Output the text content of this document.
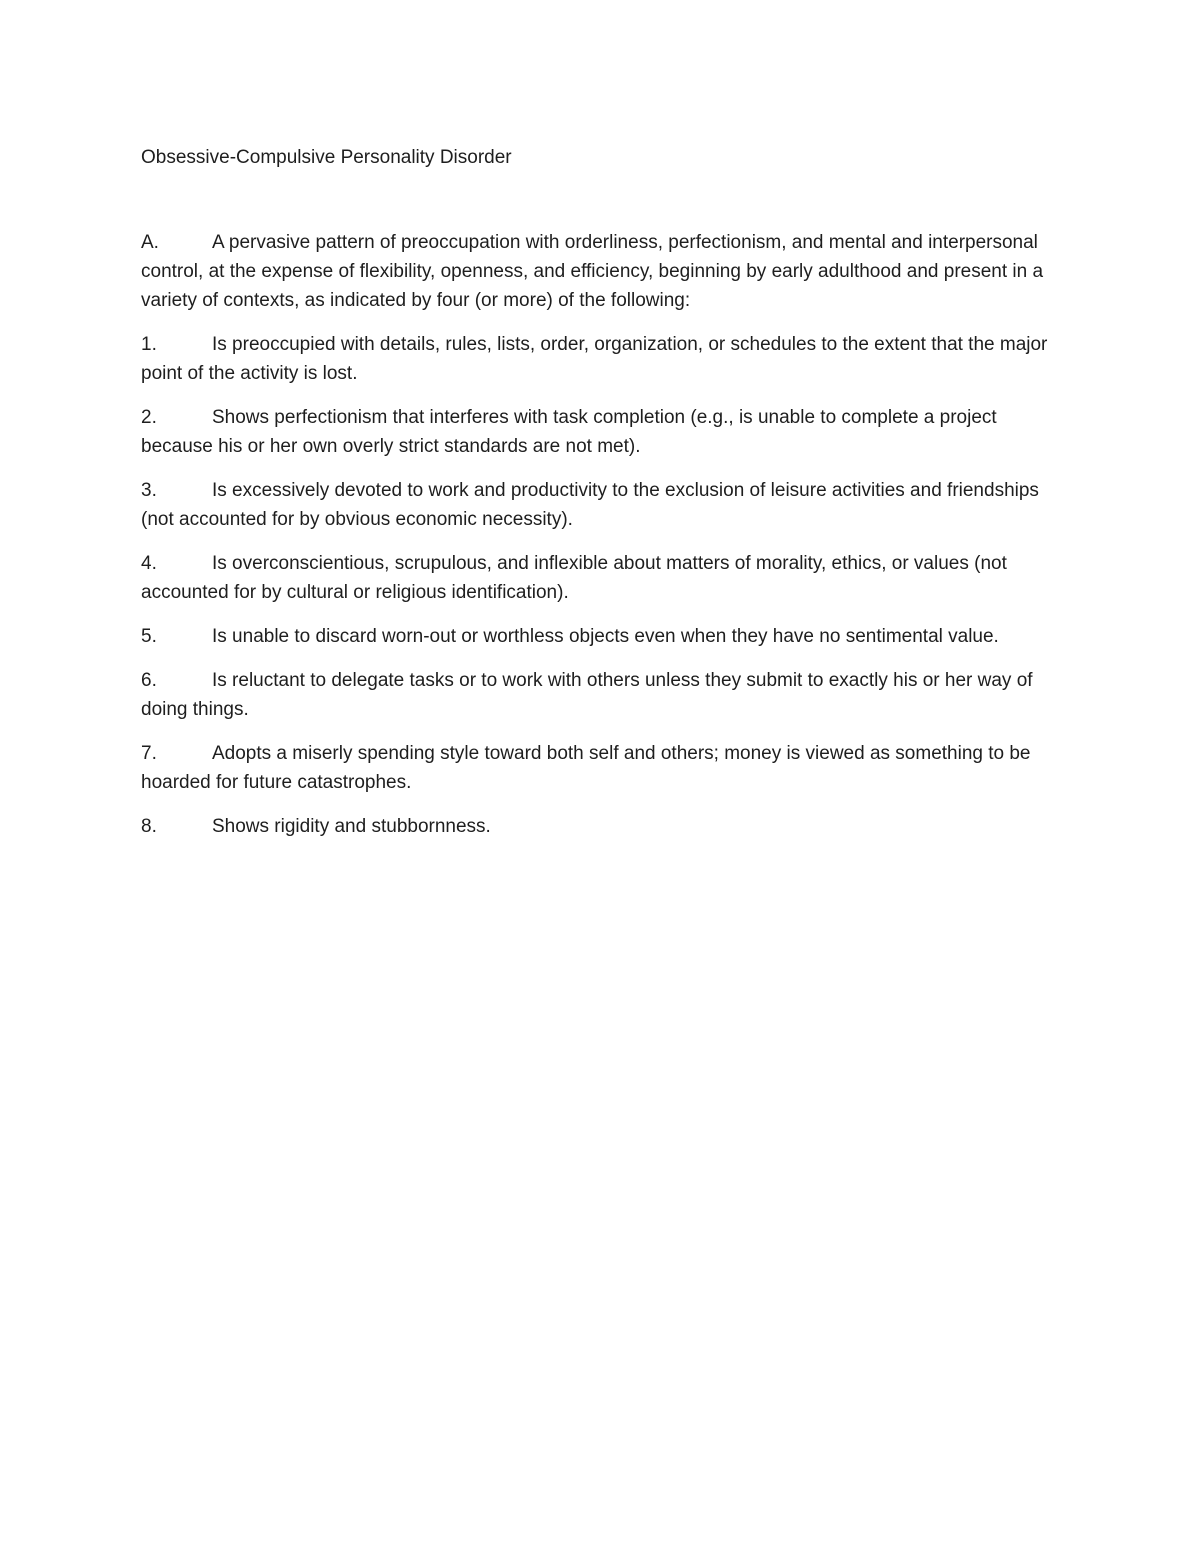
Obsessive-Compulsive Personality Disorder

A.	A pervasive pattern of preoccupation with orderliness, perfectionism, and mental and interpersonal control, at the expense of flexibility, openness, and efficiency, beginning by early adulthood and present in a variety of contexts, as indicated by four (or more) of the following:

1.	Is preoccupied with details, rules, lists, order, organization, or schedules to the extent that the major point of the activity is lost.

2.	Shows perfectionism that interferes with task completion (e.g., is unable to complete a project because his or her own overly strict standards are not met).

3.	Is excessively devoted to work and productivity to the exclusion of leisure activities and friendships (not accounted for by obvious economic necessity).

4.	Is overconscientious, scrupulous, and inflexible about matters of morality, ethics, or values (not accounted for by cultural or religious identification).

5.	Is unable to discard worn-out or worthless objects even when they have no sentimental value.

6.	Is reluctant to delegate tasks or to work with others unless they submit to exactly his or her way of doing things.

7.	Adopts a miserly spending style toward both self and others; money is viewed as something to be hoarded for future catastrophes.

8.	Shows rigidity and stubbornness.
